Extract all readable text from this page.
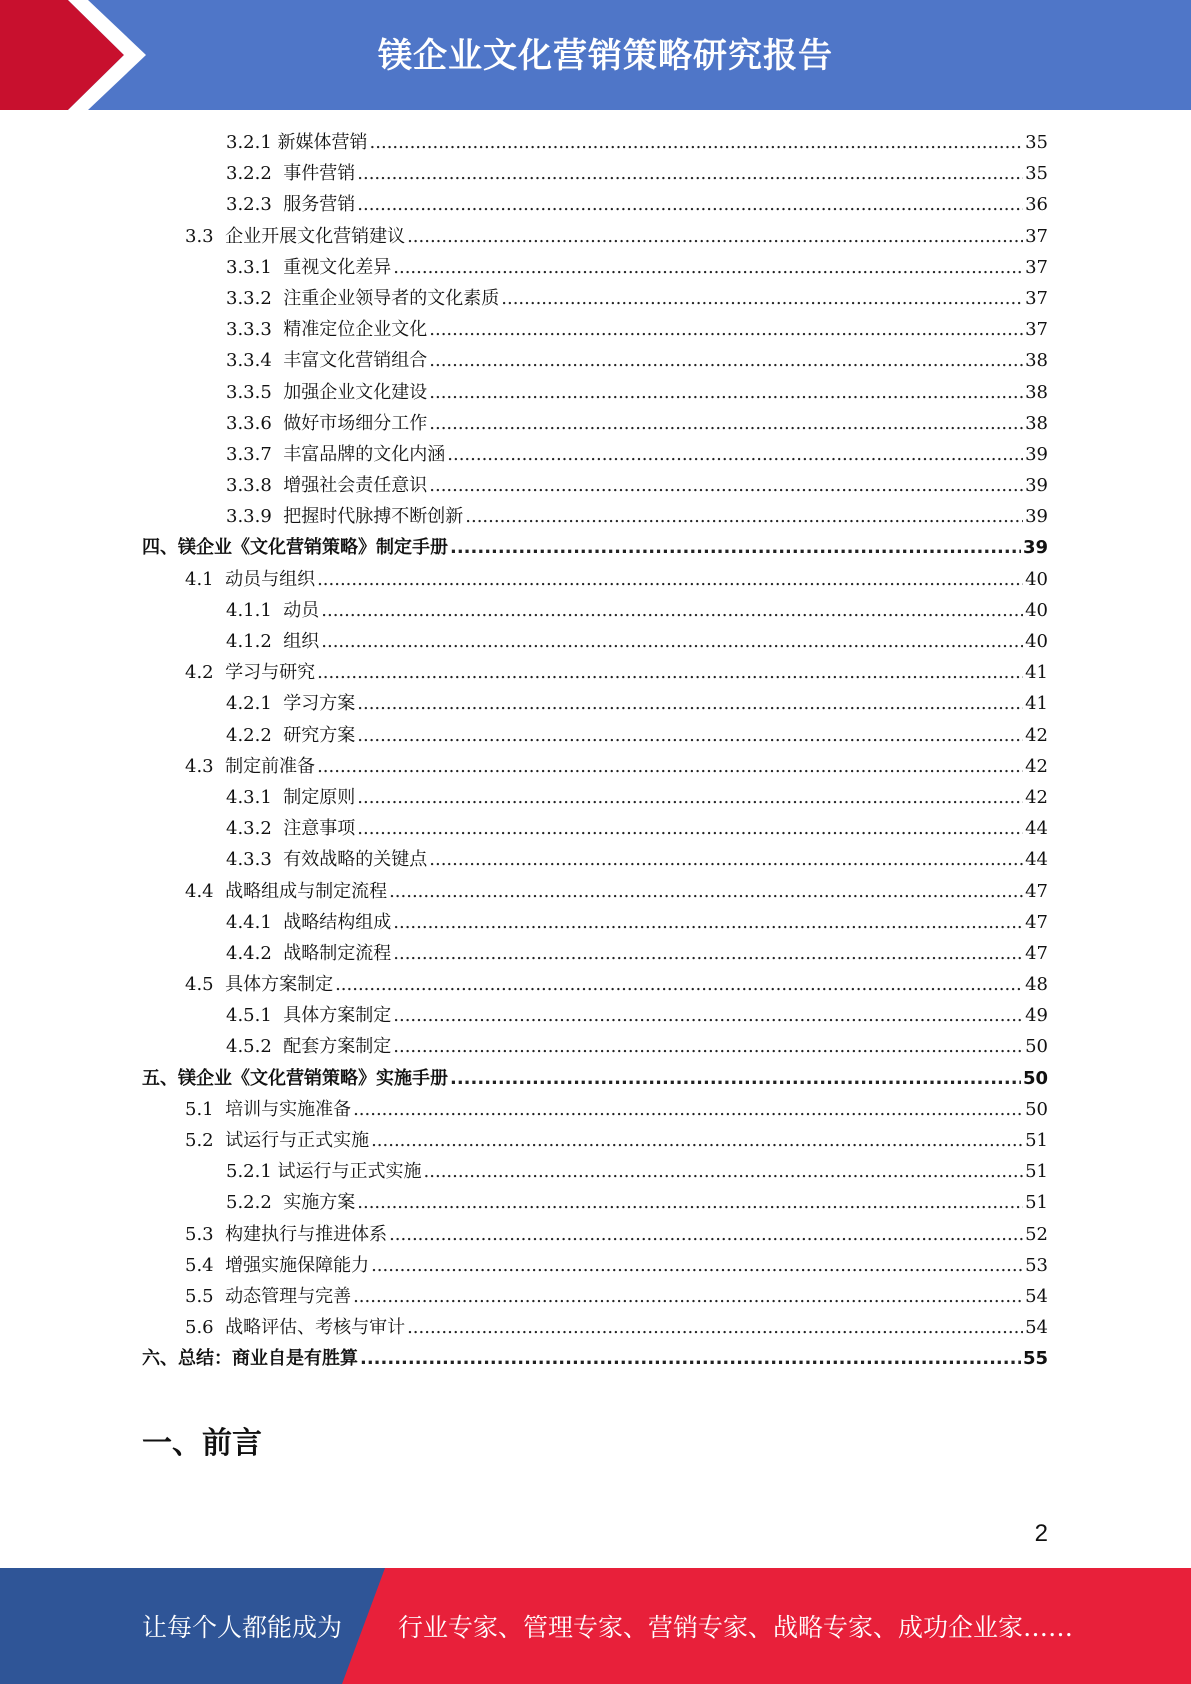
镁企业文化营销策略研究报告
3.2.1 新媒体营销 .....	35
3.2.2 事件营销 .....	35
3.2.3 服务营销 .....	36
3.3 企业开展文化营销建议 .....	37
3.3.1 重视文化差异 .....	37
3.3.2 注重企业领导者的文化素质 .....	37
3.3.3 精准定位企业文化 .....	37
3.3.4 丰富文化营销组合 .....	38
3.3.5 加强企业文化建设 .....	38
3.3.6 做好市场细分工作 .....	38
3.3.7 丰富品牌的文化内涵 .....	39
3.3.8 增强社会责任意识 .....	39
3.3.9 把握时代脉搏不断创新 .....	39
四、 镁企业《文化营销策略》制定手册 .....	39
4.1 动员与组织 .....	40
4.1.1 动员 .....	40
4.1.2 组织 .....	40
4.2 学习与研究 .....	41
4.2.1 学习方案 .....	41
4.2.2 研究方案 .....	42
4.3 制定前准备 .....	42
4.3.1 制定原则 .....	42
4.3.2 注意事项 .....	44
4.3.3 有效战略的关键点 .....	44
4.4 战略组成与制定流程 .....	47
4.4.1 战略结构组成 .....	47
4.4.2 战略制定流程 .....	47
4.5 具体方案制定 .....	48
4.5.1 具体方案制定 .....	49
4.5.2 配套方案制定 .....	50
五、 镁企业《文化营销策略》实施手册 .....	50
5.1 培训与实施准备 .....	50
5.2 试运行与正式实施 .....	51
5.2.1 试运行与正式实施 .....	51
5.2.2 实施方案 .....	51
5.3 构建执行与推进体系 .....	52
5.4 增强实施保障能力 .....	53
5.5 动态管理与完善 .....	54
5.6 战略评估、考核与审计 .....	54
六、 总结：商业自是有胜算 .....	55
一、前言
2
让每个人都能成为 行业专家、管理专家、营销专家、战略专家、成功企业家……
